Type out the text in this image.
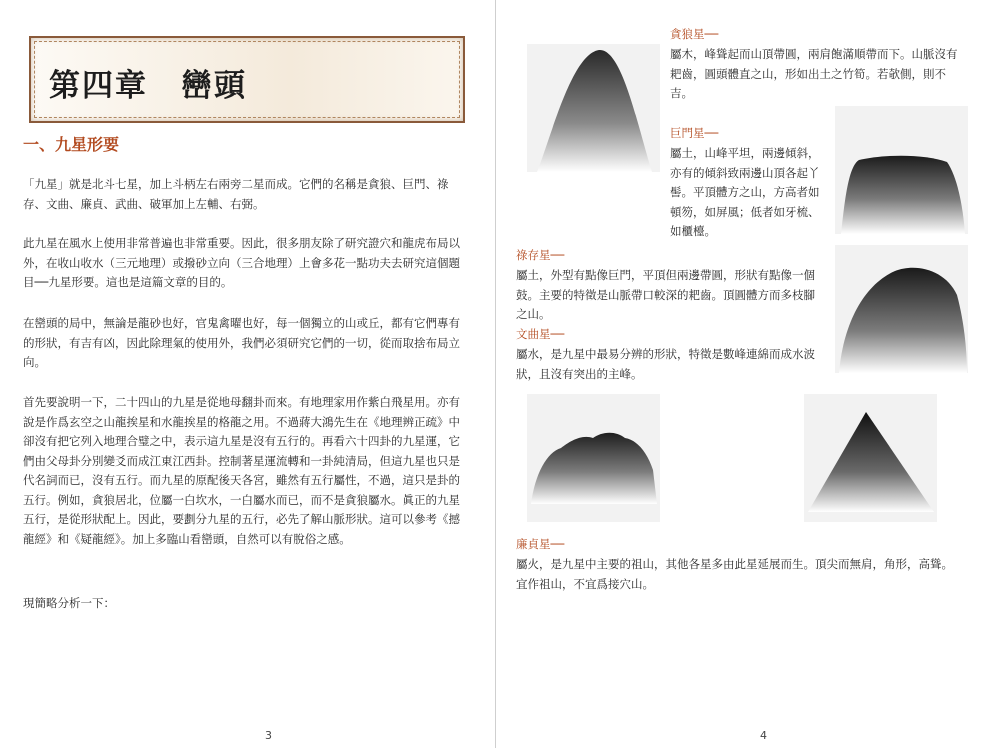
第四章　巒頭
一、九星形要
「九星」就是北斗七星，加上斗柄左右兩旁二星而成。它們的名稱是貪狼、巨門、祿存、文曲、廉貞、武曲、破軍加上左輔、右弼。
此九星在風水上使用非常普遍也非常重要。因此，很多朋友除了研究證穴和龍虎布局以外，在收山收水（三元地理）或撥砂立向（三合地理）上會多花一點功夫去研究這個題目──九星形要。這也是這篇文章的目的。
在巒頭的局中，無論是龍砂也好，官鬼禽曜也好，每一個獨立的山或丘，都有它們專有的形狀，有吉有凶，因此除理氣的使用外，我們必須研究它們的一切，從而取捨布局立向。
首先要說明一下，二十四山的九星是從地母翻卦而來。有地理家用作紫白飛星用。亦有說是作爲玄空之山龍挨星和水龍挨星的格龍之用。不過蔣大鴻先生在《地理辨正疏》中卻沒有把它列入地理合璧之中，表示這九星是沒有五行的。再看六十四卦的九星運，它們由父母卦分別變爻而成江東江西卦。控制著星運流轉和一卦純清局，但這九星也只是代名詞而已，沒有五行。而九星的原配後天各宮，雖然有五行屬性，不過，這只是卦的五行。例如，貪狼居北，位屬一白坎水，一白屬水而已，而不是貪狼屬水。眞正的九星五行，是從形狀配上。因此，要劃分九星的五行，必先了解山脈形狀。這可以參考《撼龍經》和《疑龍經》。加上多臨山看巒頭，自然可以有脫俗之感。
現簡略分析一下：
3
貪狼星──
屬木，峰聳起而山頂帶圓，兩肩飽滿順帶而下。山脈沒有耙齒，圓頭體直之山，形如出土之竹筍。若欹側，則不吉。
巨門星──
屬土，山峰平坦，兩邊傾斜，亦有的傾斜致兩邊山頂各起丫髻。平頂體方之山，方高者如頓笏，如屏風；低者如牙梳、如櫃檯。
祿存星──
屬土，外型有點像巨門，平頂但兩邊帶圓，形狀有點像一個鼓。主要的特徵是山脈帶口較深的耙齒。頂圓體方而多枝腳之山。
文曲星──
屬水，是九星中最易分辨的形狀，特徵是數峰連綿而成水波狀，且沒有突出的主峰。
廉貞星──
屬火，是九星中主要的祖山，其他各星多由此星延展而生。頂尖而無肩，角形，高聳。宜作祖山，不宜爲接穴山。
4
